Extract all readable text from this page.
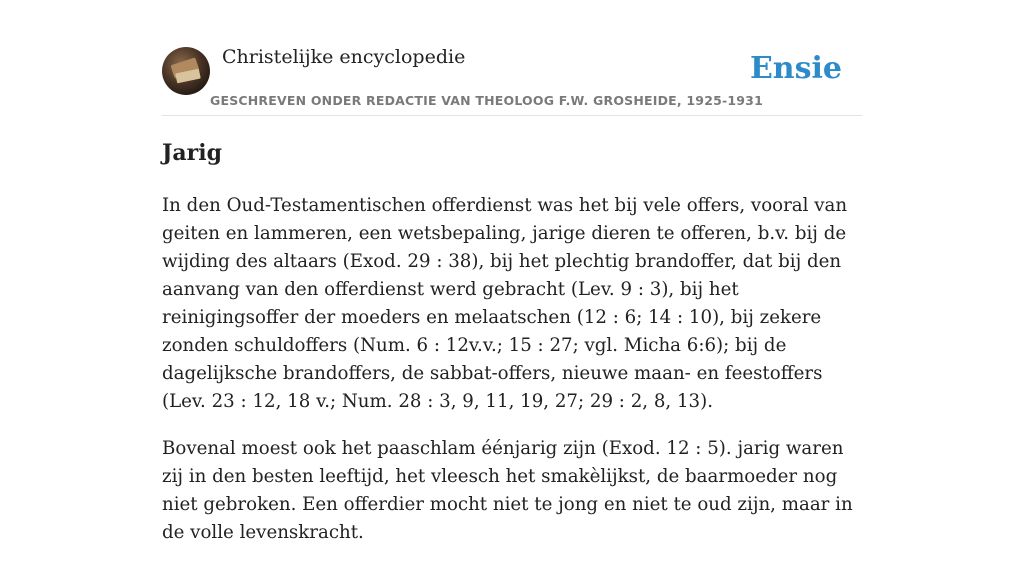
Christelijke encyclopedie
GESCHREVEN ONDER REDACTIE VAN THEOLOOG F.W. GROSHEIDE, 1925-1931
Ensie
Jarig

In den Oud-Testamentischen offerdienst was het bij vele offers, vooral van geiten en lammeren, een wetsbepaling, jarige dieren te offeren, b.v. bij de wijding des altaars (Exod. 29 : 38), bij het plechtig brandoffer, dat bij den aanvang van den offerdienst werd gebracht (Lev. 9 : 3), bij het reinigingsoffer der moeders en melaatschen (12 : 6; 14 : 10), bij zekere zonden schuldoffers (Num. 6 : 12v.v.; 15 : 27; vgl. Micha 6:6); bij de dagelijksche brandoffers, de sabbat-offers, nieuwe maan- en feestoffers (Lev. 23 : 12, 18 v.; Num. 28 : 3, 9, 11, 19, 27; 29 : 2, 8, 13).

Bovenal moest ook het paaschlam éénjarig zijn (Exod. 12 : 5). jarig waren zij in den besten leeftijd, het vleesch het smakèlijkst, de baarmoeder nog niet gebroken. Een offerdier mocht niet te jong en niet te oud zijn, maar in de volle levenskracht.
